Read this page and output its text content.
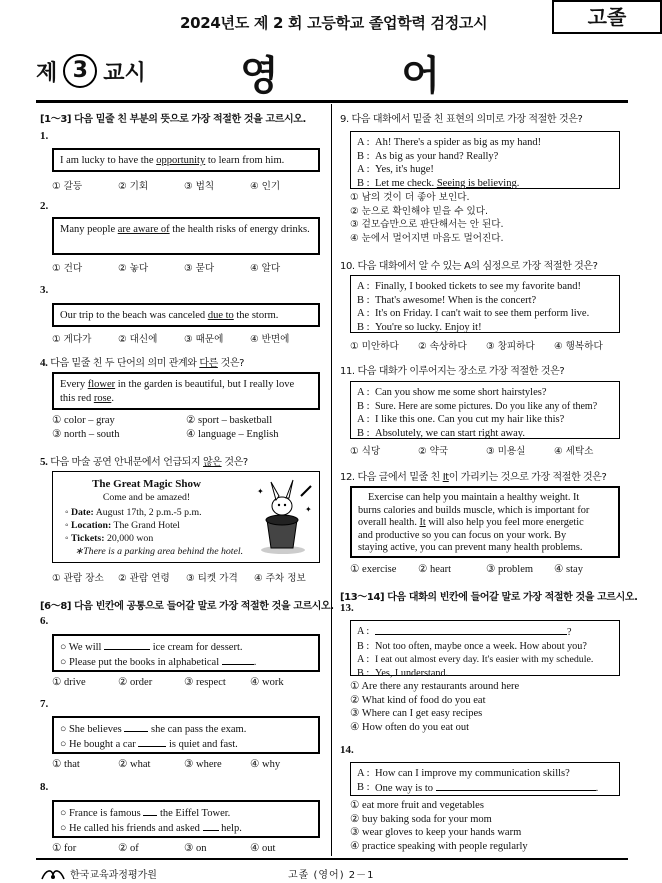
2024년도 제 2 회 고등학교 졸업학력 검정고시	고졸
제 3 교시 영	어
[1～3] 다음 밑줄 친 부분의 뜻으로 가장 적절한 것을 고르시오.
1.
I am lucky to have the opportunity to learn from him.
① 갈등	② 기회	③ 법칙	④ 인기
2.
Many people are aware of the health risks of energy drinks.
① 건다	② 놓다	③ 묻다	④ 알다
3.
Our trip to the beach was canceled due to the storm.
① 게다가	② 대신에	③ 때문에	④ 반면에
4. 다음 밑줄 친 두 단어의 의미 관계와 다른 것은?
Every flower in the garden is beautiful, but I really love
this red rose.
① color – gray	② sport – basketball
③ north – south	④ language – English
5. 다음 마술 공연 안내문에서 언급되지 않은 것은?
The Great Magic Show
Come and be amazed!
◦ Date: August 17th, 2 p.m.-5 p.m.
◦ Location: The Grand Hotel
◦ Tickets: 20,000 won
∗There is a parking area behind the hotel.
✦
✦
① 관람 장소	② 관람 연령	③ 티켓 가격	④ 주차 정보
[6～8] 다음 빈칸에 공통으로 들어갈 말로 가장 적절한 것을 고르시오.
6.
○ We will	ice cream for dessert.
○ Please put the books in alphabetical	.
① drive	② order	③ respect	④ work
7.
○ She believes  she can pass the exam.
○ He bought a car	is quiet and fast.
① that	② what	③ where	④ why
8.
○ France is famous  the Eiffel Tower.
○ He called his friends and asked  help.
① for	② of	③ on	④ out
9. 다음 대화에서 밑줄 친 표현의 의미로 가장 적절한 것은?
A : Ah! There's a spider as big as my hand!
B : As big as your hand? Really?
A : Yes, it's huge!
B : Let me check. Seeing is believing.
① 남의 것이 더 좋아 보인다.
② 눈으로 확인해야 믿을 수 있다.
③ 겉모습만으로 판단해서는 안 된다.
④ 눈에서 멀어지면 마음도 멀어진다.
10. 다음 대화에서 알 수 있는 A의 심정으로 가장 적절한 것은?
A : Finally, I booked tickets to see my favorite band!
B : That's awesome! When is the concert?
A : It's on Friday. I can't wait to see them perform live.
B : You're so lucky. Enjoy it!
① 미안하다	② 속상하다	③ 창피하다	④ 행복하다
11. 다음 대화가 이루어지는 장소로 가장 적절한 것은?
A : Can you show me some short hairstyles?
B : Sure. Here are some pictures. Do you like any of them?
A : I like this one. Can you cut my hair like this?
B : Absolutely, we can start right away.
① 식당	② 약국	③ 미용실	④ 세탁소
12. 다음 글에서 밑줄 친 It이 가리키는 것으로 가장 적절한 것은?
Exercise can help you maintain a healthy weight. It
burns calories and builds muscle, which is important for
overall health. It will also help you feel more energetic
and productive so you can focus on your work. By
staying active, you can prevent many health problems.
① exercise	② heart	③ problem	④ stay
[13～14] 다음 대화의 빈칸에 들어갈 말로 가장 적절한 것을 고르시오.
13.
A :	?
B : Not too often, maybe once a week. How about you?
A : I eat out almost every day. It's easier with my schedule.
B : Yes, I understand.
① Are there any restaurants around here
② What kind of food do you eat
③ Where can I get easy recipes
④ How often do you eat out
14.
A : How can I improve my communication skills?
B : One way is to	.
① eat more fruit and vegetables
② buy baking soda for your mom
③ wear gloves to keep your hands warm
④ practice speaking with people regularly
한국교육과정평가원	고졸 (영어) 2－1
